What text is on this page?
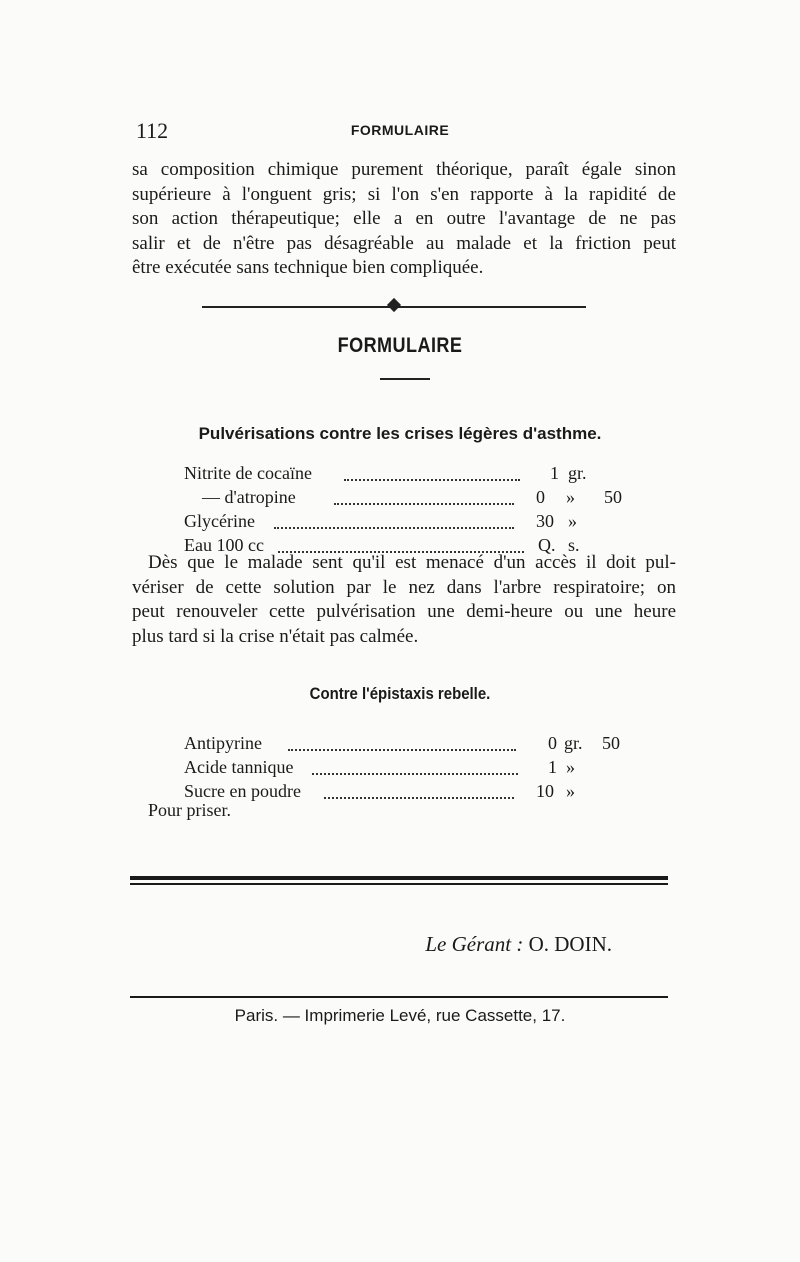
112	FORMULAIRE
sa composition chimique purement théorique, paraît égale sinon
supérieure à l'onguent gris; si l'on s'en rapporte à la rapidité de
son action thérapeutique; elle a en outre l'avantage de ne pas
salir et de n'être pas désagréable au malade et la friction peut
être exécutée sans technique bien compliquée.
FORMULAIRE
Pulvérisations contre les crises légères d'asthme.
Nitrite de cocaïne	1 gr.
— d'atropine	0 » 50
Glycérine	30 »
Eau 100 cc	Q. s.
Dès que le malade sent qu'il est menacé d'un accès il doit pul-
vériser de cette solution par le nez dans l'arbre respiratoire; on
peut renouveler cette pulvérisation une demi-heure ou une heure
plus tard si la crise n'était pas calmée.
Contre l'épistaxis rebelle.
Antipyrine	0 gr. 50
Acide tannique	1 »
Sucre en poudre	10 »
Pour priser.
Le Gérant : O. DOIN.
Paris. — Imprimerie Levé, rue Cassette, 17.
